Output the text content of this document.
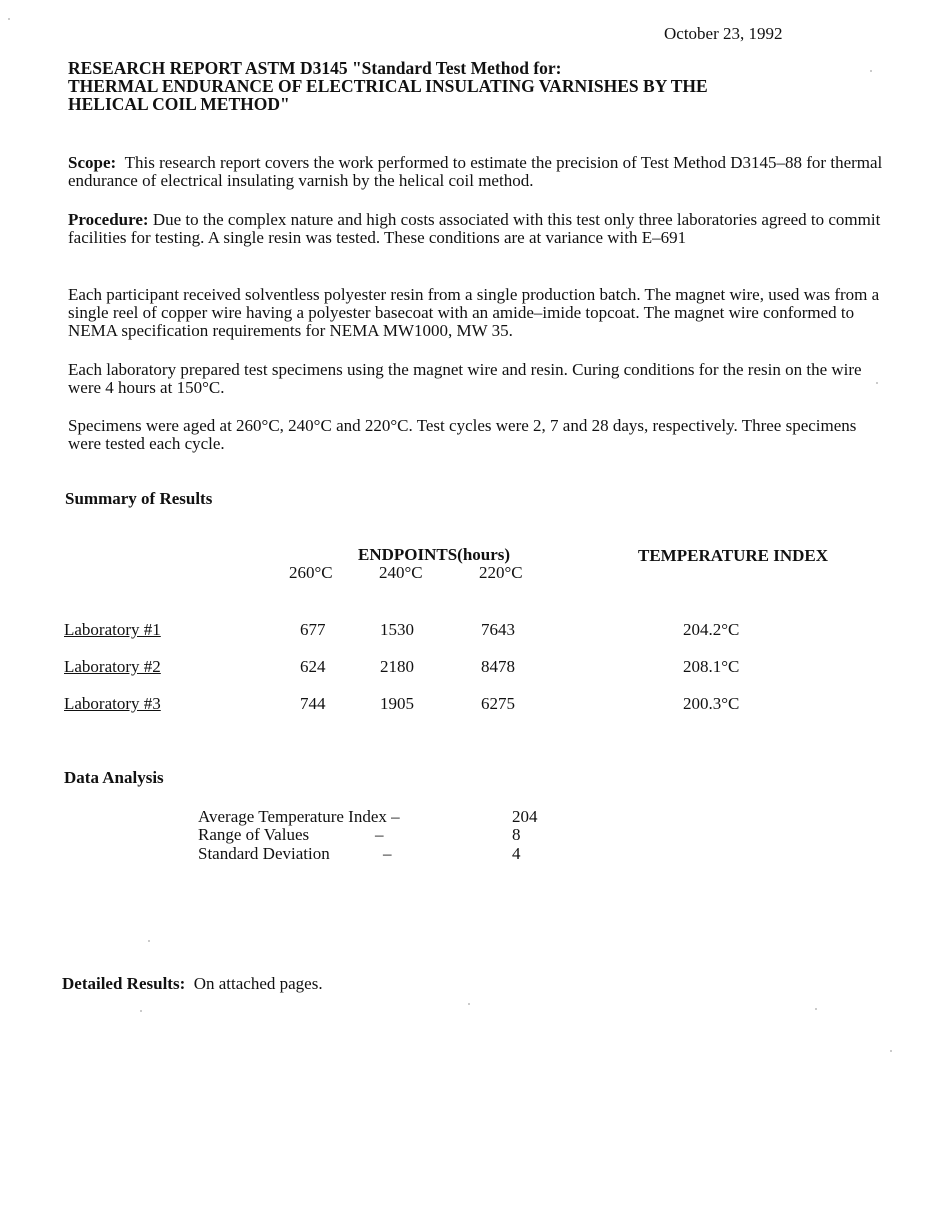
October 23, 1992
RESEARCH REPORT ASTM D3145 "Standard Test Method for:
THERMAL ENDURANCE OF ELECTRICAL INSULATING VARNISHES BY THE
HELICAL COIL METHOD"

Scope: This research report covers the work performed to estimate the precision of Test Method D3145–88 for thermal endurance of electrical insulating varnish by the helical coil method.

Procedure: Due to the complex nature and high costs associated with this test only three laboratories agreed to commit facilities for testing. A single resin was tested. These conditions are at variance with E–691

Each participant received solventless polyester resin from a single production batch. The magnet wire, used was from a single reel of copper wire having a polyester basecoat with an amide–imide topcoat. The magnet wire conformed to NEMA specification requirements for NEMA MW1000, MW 35.

Each laboratory prepared test specimens using the magnet wire and resin. Curing conditions for the resin on the wire were 4 hours at 150°C.

Specimens were aged at 260°C, 240°C and 220°C. Test cycles were 2, 7 and 28 days, respectively. Three specimens were tested each cycle.

Summary of Results
ENDPOINTS(hours)	TEMPERATURE INDEX
260°C	240°C	220°C
Laboratory #1	677	1530	7643	204.2°C
Laboratory #2	624	2180	8478	208.1°C
Laboratory #3	744	1905	6275	200.3°C
Data Analysis
Average Temperature Index –	204
Range of Values	–	8
Standard Deviation	–	4
Detailed Results: On attached pages.
